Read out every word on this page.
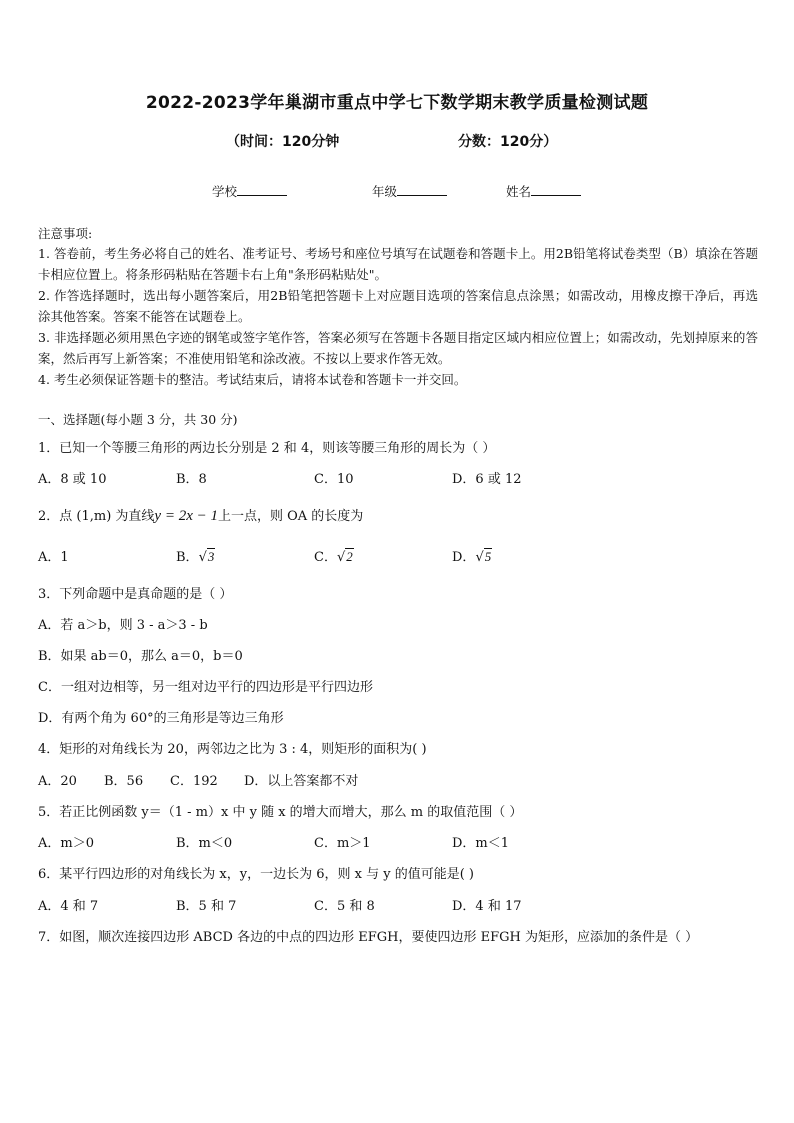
2022-2023学年巢湖市重点中学七下数学期末教学质量检测试题
（时间：120分钟	分数：120分）
学校	年级	姓名
注意事项:
1. 答卷前，考生务必将自己的姓名、准考证号、考场号和座位号填写在试题卷和答题卡上。用2B铅笔将试卷类型（B）填涂在答题卡相应位置上。将条形码粘贴在答题卡右上角"条形码粘贴处"。
2. 作答选择题时，选出每小题答案后，用2B铅笔把答题卡上对应题目选项的答案信息点涂黑；如需改动，用橡皮擦干净后，再选涂其他答案。答案不能答在试题卷上。
3. 非选择题必须用黑色字迹的钢笔或签字笔作答，答案必须写在答题卡各题目指定区域内相应位置上；如需改动，先划掉原来的答案，然后再写上新答案；不准使用铅笔和涂改液。不按以上要求作答无效。
4. 考生必须保证答题卡的整洁。考试结束后，请将本试卷和答题卡一并交回。
一、选择题(每小题 3 分，共 30 分)
1．已知一个等腰三角形的两边长分别是 2 和 4，则该等腰三角形的周长为（ ）
A．8 或 10	B．8	C．10	D．6 或 12
2．点 (1,m) 为直线y = 2x − 1上一点，则 OA 的长度为
A．1	B．√3	C．√2	D．√5
3．下列命题中是真命题的是（ ）
A．若 a＞b，则 3 - a＞3 - b
B．如果 ab＝0，那么 a＝0，b＝0
C．一组对边相等，另一组对边平行的四边形是平行四边形
D．有两个角为 60°的三角形是等边三角形
4．矩形的对角线长为 20，两邻边之比为 3 : 4，则矩形的面积为( )
A．20 B．56 C．192 D．以上答案都不对
5．若正比例函数 y＝（1 - m）x 中 y 随 x 的增大而增大，那么 m 的取值范围（ ）
A．m＞0	B．m＜0	C．m＞1	D．m＜1
6．某平行四边形的对角线长为 x，y，一边长为 6，则 x 与 y 的值可能是( )
A．4 和 7	B．5 和 7	C．5 和 8	D．4 和 17
7．如图，顺次连接四边形 ABCD 各边的中点的四边形 EFGH，要使四边形 EFGH 为矩形，应添加的条件是（ ）
